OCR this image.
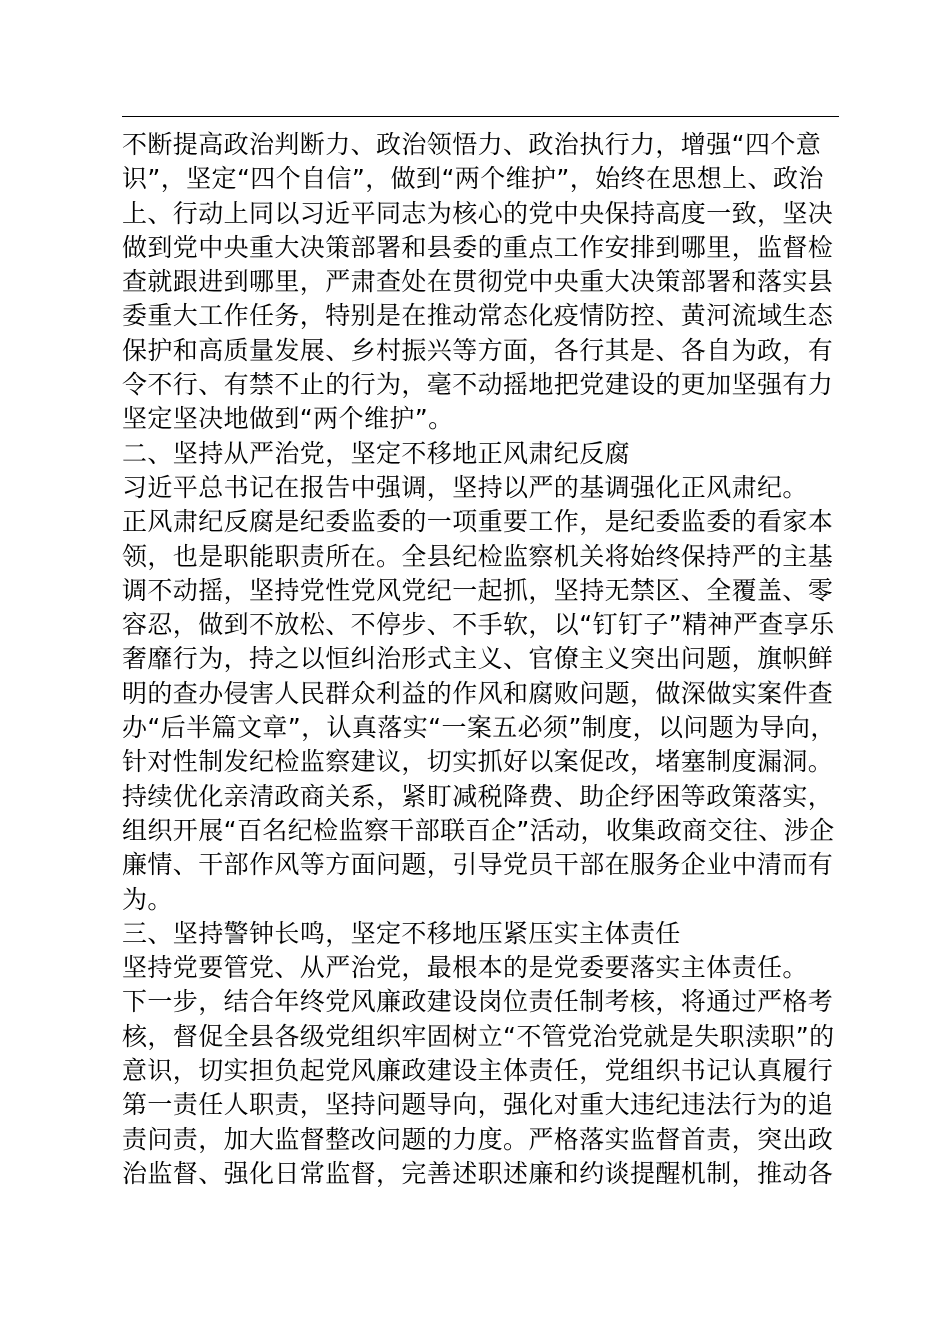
不断提高政治判断力、政治领悟力、政治执行力，增强“四个意
识”，坚定“四个自信”，做到“两个维护”，始终在思想上、政治
上、行动上同以习近平同志为核心的党中央保持高度一致，坚决
做到党中央重大决策部署和县委的重点工作安排到哪里，监督检
查就跟进到哪里，严肃查处在贯彻党中央重大决策部署和落实县
委重大工作任务，特别是在推动常态化疫情防控、黄河流域生态
保护和高质量发展、乡村振兴等方面，各行其是、各自为政，有
令不行、有禁不止的行为，毫不动摇地把党建设的更加坚强有力
坚定坚决地做到“两个维护”。
二、坚持从严治党，坚定不移地正风肃纪反腐
习近平总书记在报告中强调，坚持以严的基调强化正风肃纪。
正风肃纪反腐是纪委监委的一项重要工作，是纪委监委的看家本
领，也是职能职责所在。全县纪检监察机关将始终保持严的主基
调不动摇，坚持党性党风党纪一起抓，坚持无禁区、全覆盖、零
容忍，做到不放松、不停步、不手软，以“钉钉子”精神严查享乐
奢靡行为，持之以恒纠治形式主义、官僚主义突出问题，旗帜鲜
明的查办侵害人民群众利益的作风和腐败问题，做深做实案件查
办“后半篇文章”，认真落实“一案五必须”制度，以问题为导向，
针对性制发纪检监察建议，切实抓好以案促改，堵塞制度漏洞。
持续优化亲清政商关系，紧盯减税降费、助企纾困等政策落实，
组织开展“百名纪检监察干部联百企”活动，收集政商交往、涉企
廉情、干部作风等方面问题，引导党员干部在服务企业中清而有
为。
三、坚持警钟长鸣，坚定不移地压紧压实主体责任
坚持党要管党、从严治党，最根本的是党委要落实主体责任。
下一步，结合年终党风廉政建设岗位责任制考核，将通过严格考
核，督促全县各级党组织牢固树立“不管党治党就是失职渎职”的
意识，切实担负起党风廉政建设主体责任，党组织书记认真履行
第一责任人职责，坚持问题导向，强化对重大违纪违法行为的追
责问责，加大监督整改问题的力度。严格落实监督首责，突出政
治监督、强化日常监督，完善述职述廉和约谈提醒机制，推动各
